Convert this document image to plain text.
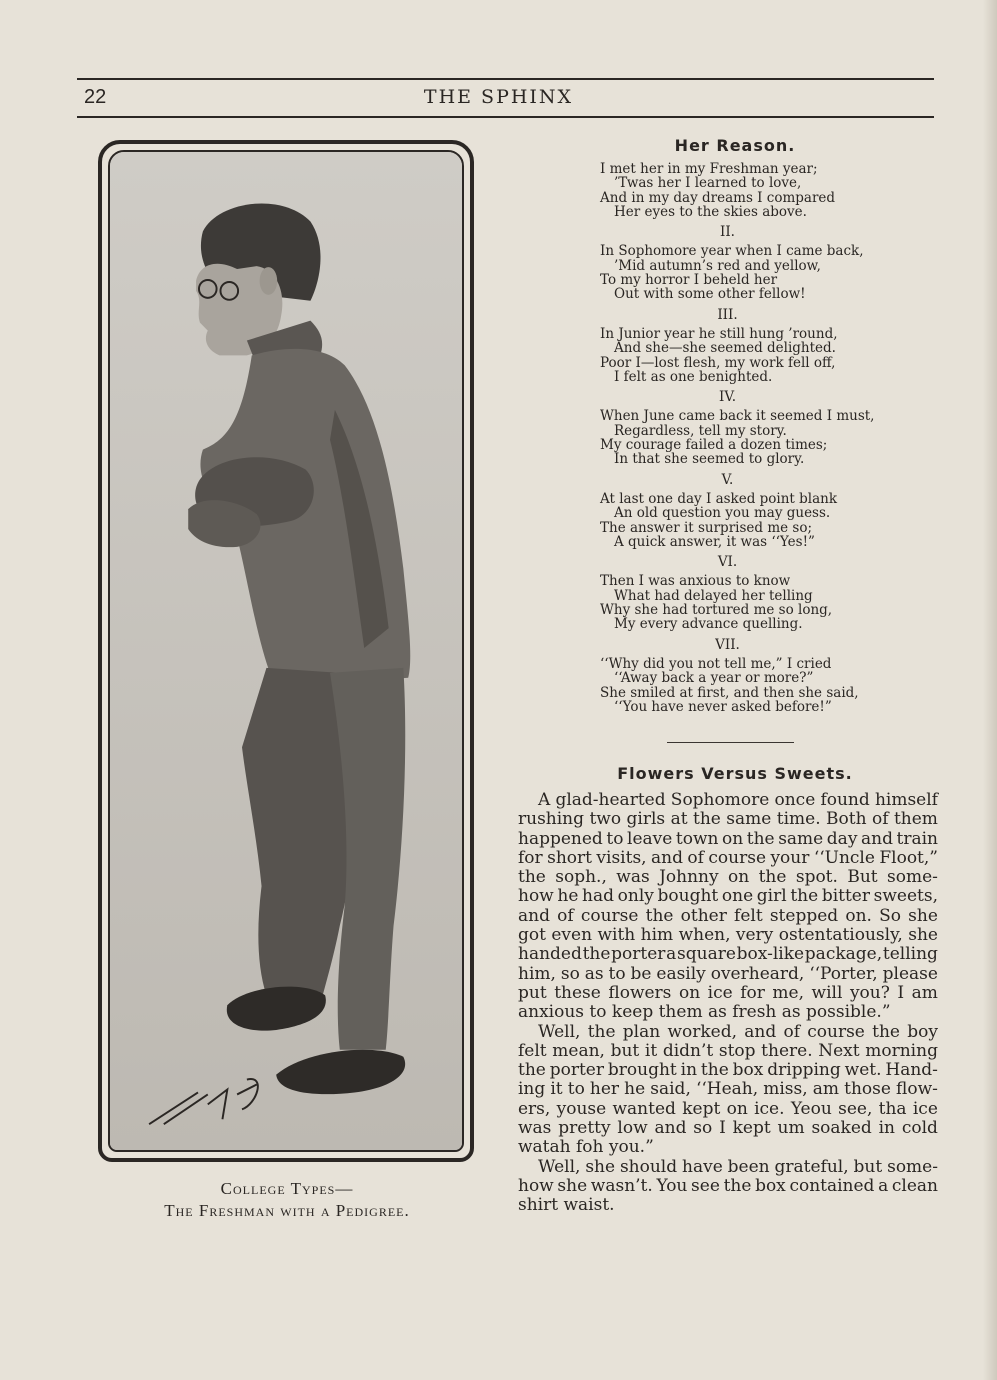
22	THE SPHINX
College Types—
The Freshman with a Pedigree.
Her Reason.
I met her in my Freshman year;
’Twas her I learned to love,
And in my day dreams I compared
Her eyes to the skies above.
II.
In Sophomore year when I came back,
’Mid autumn’s red and yellow,
To my horror I beheld her
Out with some other fellow!
III.
In Junior year he still hung ’round,
And she—she seemed delighted.
Poor I—lost flesh, my work fell off,
I felt as one benighted.
IV.
When June came back it seemed I must,
Regardless, tell my story.
My courage failed a dozen times;
In that she seemed to glory.
V.
At last one day I asked point blank
An old question you may guess.
The answer it surprised me so;
A quick answer, it was ‘‘Yes!”
VI.
Then I was anxious to know
What had delayed her telling
Why she had tortured me so long,
My every advance quelling.
VII.
‘‘Why did you not tell me,” I cried
‘‘Away back a year or more?”
She smiled at first, and then she said,
‘‘You have never asked before!”
Flowers Versus Sweets.
A glad-hearted Sophomore once found himself
rushing two girls at the same time. Both of them
happened to leave town on the same day and train
for short visits, and of course your ‘‘Uncle Floot,”
the soph., was Johnny on the spot. But some-
how he had only bought one girl the bitter sweets,
and of course the other felt stepped on. So she
got even with him when, very ostentatiously, she
handed the porter a square box-like package, telling
him, so as to be easily overheard, ‘‘Porter, please
put these flowers on ice for me, will you? I am
anxious to keep them as fresh as possible.”
Well, the plan worked, and of course the boy
felt mean, but it didn’t stop there. Next morning
the porter brought in the box dripping wet. Hand-
ing it to her he said, ‘‘Heah, miss, am those flow-
ers, youse wanted kept on ice. Yeou see, tha ice
was pretty low and so I kept um soaked in cold
watah foh you.”
Well, she should have been grateful, but some-
how she wasn’t. You see the box contained a clean
shirt waist.
